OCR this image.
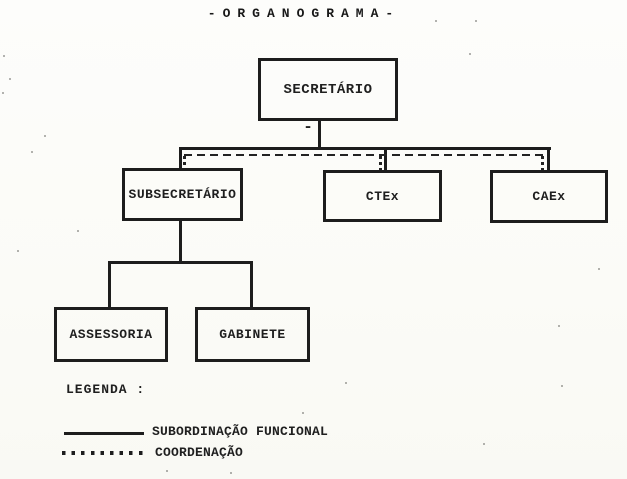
-ORGANOGRAMA-
SECRETÁRIO
-
SUBSECRETÁRIO	CTEx	CAEx
ASSESSORIA	GABINETE
LEGENDA :
SUBORDINAÇÃO FUNCIONAL
COORDENAÇÃO
